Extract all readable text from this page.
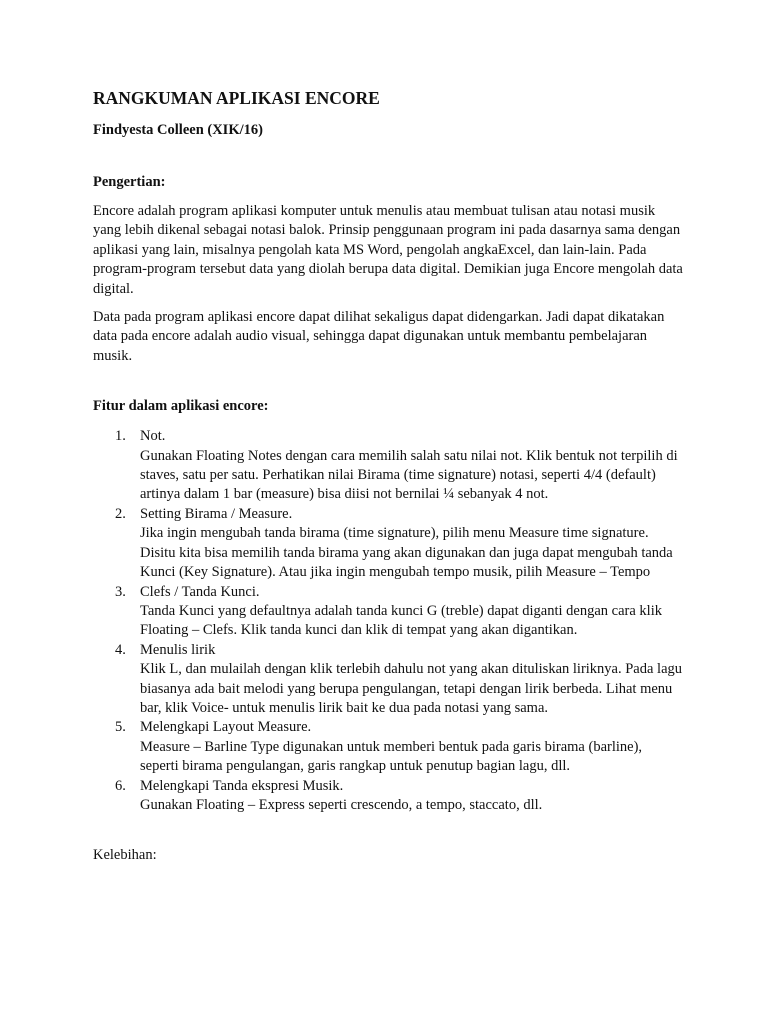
RANGKUMAN APLIKASI ENCORE

Findyesta Colleen (XIK/16)

Pengertian:

Encore adalah program aplikasi komputer untuk menulis atau membuat tulisan atau notasi musik yang lebih dikenal sebagai notasi balok. Prinsip penggunaan program ini pada dasarnya sama dengan aplikasi yang lain, misalnya pengolah kata MS Word, pengolah angkaExcel, dan lain-lain. Pada program-program tersebut data yang diolah berupa data digital. Demikian juga Encore mengolah data digital.

Data pada program aplikasi encore dapat dilihat sekaligus dapat didengarkan. Jadi dapat dikatakan data pada encore adalah audio visual, sehingga dapat digunakan untuk membantu pembelajaran musik.

Fitur dalam aplikasi encore:

1. Not.
Gunakan Floating Notes dengan cara memilih salah satu nilai not. Klik bentuk not terpilih di staves, satu per satu. Perhatikan nilai Birama (time signature) notasi, seperti 4/4 (default) artinya dalam 1 bar (measure) bisa diisi not bernilai ¼ sebanyak 4 not.
2. Setting Birama / Measure.
Jika ingin mengubah tanda birama (time signature), pilih menu Measure time signature. Disitu kita bisa memilih tanda birama yang akan digunakan dan juga dapat mengubah tanda Kunci (Key Signature). Atau jika ingin mengubah tempo musik, pilih Measure – Tempo
3. Clefs / Tanda Kunci.
Tanda Kunci yang defaultnya adalah tanda kunci G (treble) dapat diganti dengan cara klik Floating – Clefs. Klik tanda kunci dan klik di tempat yang akan digantikan.
4. Menulis lirik
Klik L, dan mulailah dengan klik terlebih dahulu not yang akan dituliskan liriknya. Pada lagu biasanya ada bait melodi yang berupa pengulangan, tetapi dengan lirik berbeda. Lihat menu bar, klik Voice- untuk menulis lirik bait ke dua pada notasi yang sama.
5. Melengkapi Layout Measure.
Measure – Barline Type digunakan untuk memberi bentuk pada garis birama (barline), seperti birama pengulangan, garis rangkap untuk penutup bagian lagu, dll.
6. Melengkapi Tanda ekspresi Musik.
Gunakan Floating – Express seperti crescendo, a tempo, staccato, dll.

Kelebihan:
